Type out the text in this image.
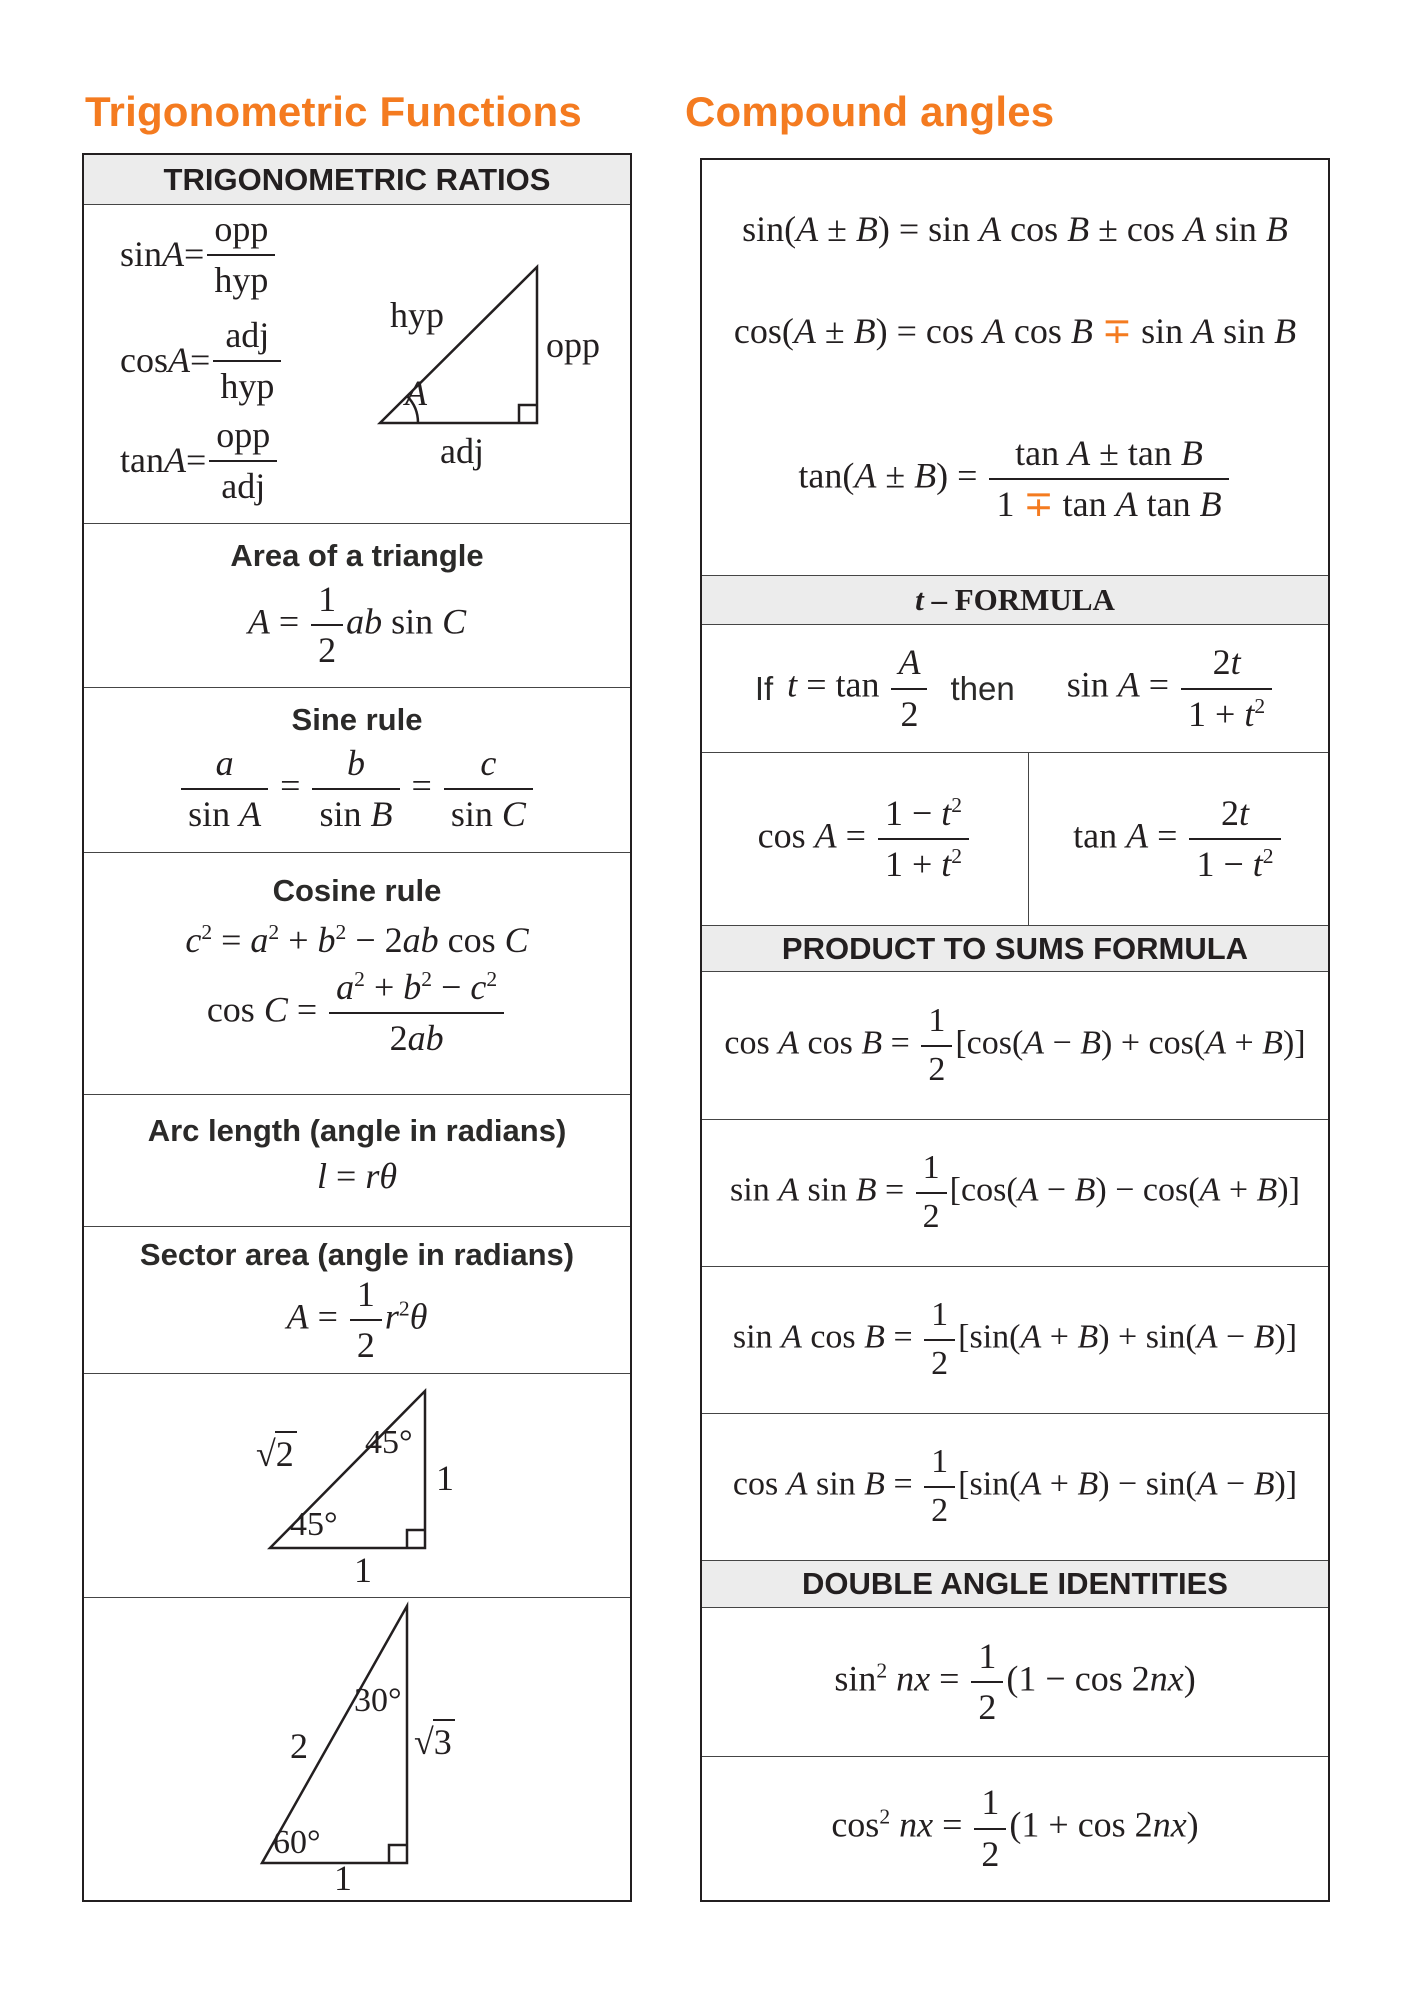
Trigonometric Functions
TRIGONOMETRIC RATIOS
$\sin A = \frac{\text{opp}}{\text{hyp}}$
$\cos A = \frac{\text{adj}}{\text{hyp}}$
$\tan A = \frac{\text{opp}}{\text{adj}}$
hyp
opp
adj
A
Area of a triangle
$A = \frac{1}{2}$ ab sin C
Sine rule
$\frac{a}{\text{sin A}} = \frac{b}{\text{sin B}} = \frac{c}{\text{sin C}}$
Cosine rule
$c^2 = a^2 + b^2 - 2ab$ cos C
$\cos C = \frac{a^2 + b^2 - c^2}{2ab}$
Arc length (angle in radians)
l = rθ
Sector area (angle in radians)
$A = \frac{1}{2} r^2\theta$
√2 45°
45°
1
1
2
30°
60°
√3
1
Compound angles
sin(A ± B) = sin A cos B ± cos A sin B
cos(A ± B) = cos A cos B ∓ sin A sin B
$\tan(A \pm B) = \frac{\text{tan A ± tan B}}{\text{1 ∓ tan A tan B}}$
t – FORMULA
If $t = \tan \frac{A}{2}$ then $\sin A = \frac{2t}{1 + t^2}$
$\cos A = \frac{1 - t^2}{1 + t^2}$	$\tan A = \frac{2t}{1 - t^2}$
PRODUCT TO SUMS FORMULA
cos A $\cos B = \frac{1}{2} [\cos(A - B) + \cos(A + B)]$
sin A $\sin B = \frac{1}{2} [\cos(A - B) - \cos(A + B)]$
sin A $\cos B = \frac{1}{2} [\sin(A + B) + \sin(A - B)]$
cos A $\sin B = \frac{1}{2} [\sin(A + B) - \sin(A - B)]$
DOUBLE ANGLE IDENTITIES
$\sin^2$ nx = $\frac{1}{2} (1 - \cos 2nx)$
$\cos^2$ nx = $\frac{1}{2} (1 + \cos 2nx)$
